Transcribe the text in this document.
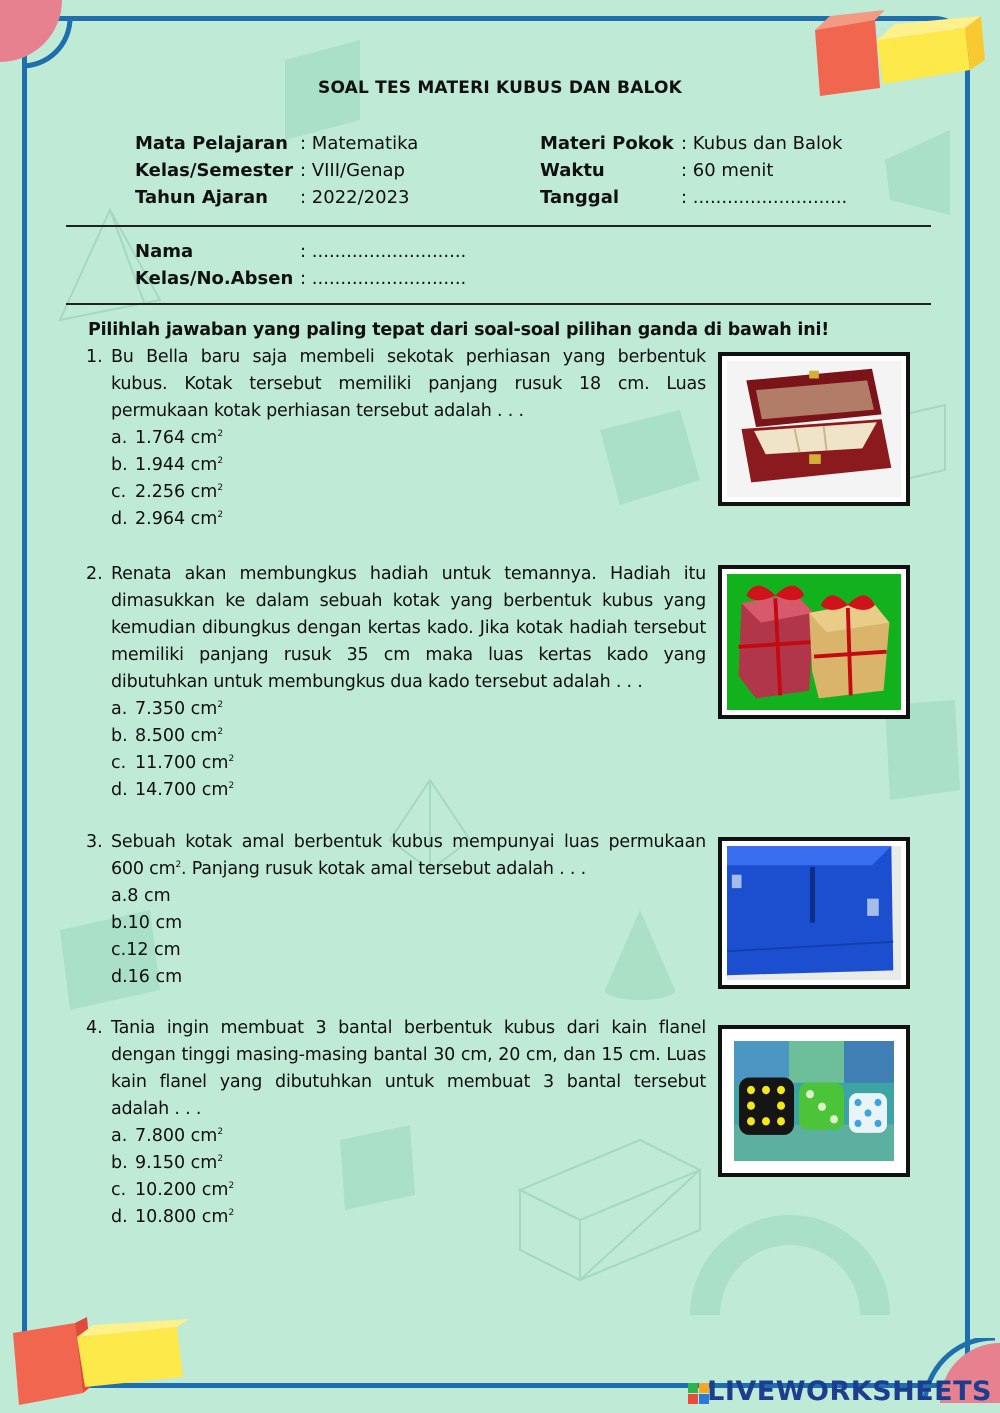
SOAL TES MATERI KUBUS DAN BALOK
Mata Pelajaran : Matematika
Kelas/Semester : VIII/Genap
Tahun Ajaran : 2022/2023
Materi Pokok : Kubus dan Balok
Waktu	: 60 menit
Tanggal	: ...........................
Nama	: ...........................
Kelas/No.Absen : ...........................
Pilihlah jawaban yang paling tepat dari soal-soal pilihan ganda di bawah ini!
1. Bu Bella baru saja membeli sekotak perhiasan yang berbentuk kubus. Kotak tersebut memiliki panjang rusuk 18 cm. Luas permukaan kotak perhiasan tersebut adalah . . .
a. 1.764 $cm^2$
b. 1.944 $cm^2$
c. 2.256 $cm^2$
d. 2.964 $cm^2$
2. Renata akan membungkus hadiah untuk temannya. Hadiah itu dimasukkan ke dalam sebuah kotak yang berbentuk kubus yang kemudian dibungkus dengan kertas kado. Jika kotak hadiah tersebut memiliki panjang rusuk 35 cm maka luas kertas kado yang dibutuhkan untuk membungkus dua kado tersebut adalah . . .
a. 7.350 $cm^2$
b. 8.500 $cm^2$
c. 11.700 $cm^2$
d. 14.700 $cm^2$
3. Sebuah kotak amal berbentuk kubus mempunyai luas permukaan 600 $cm^2$. Panjang rusuk kotak amal tersebut adalah . . .
a.8 cm
b.10 cm
c.12 cm
d.16 cm
4. Tania ingin membuat 3 bantal berbentuk kubus dari kain flanel dengan tinggi masing-masing bantal 30 cm, 20 cm, dan 15 cm. Luas kain flanel yang dibutuhkan untuk membuat 3 bantal tersebut adalah . . .
a. 7.800 $cm^2$
b. 9.150 $cm^2$
c. 10.200 $cm^2$
d. 10.800 $cm^2$
LIVEWORKSHEETS
